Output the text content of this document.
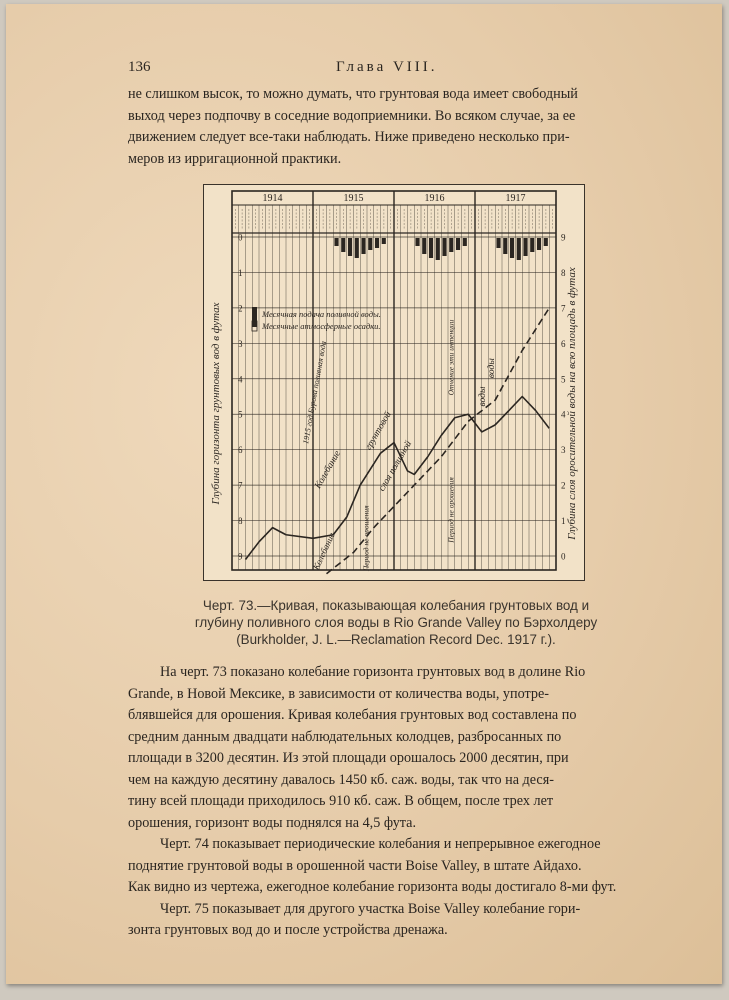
136	Глава VIII.
не слишком высок, то можно думать, что грунтовая вода имеет свободный
выход через подпочву в соседние водоприемники. Во всяком случае, за ее
движением следует все-таки наблюдать. Ниже приведено несколько при-
меров из ирригационной практики.
1914	1915	1916	1917
0	9
1	8
2	7
3	6
4	5
5	4
6	3
7	2
8	1
9	0
Глубина горизонта грунтовых вод в футах	Глубина слоя оросительной воды на всю площадь в футах
Месячная подача поливной воды.
Месячные атмосферные осадки.
1915 год Бурова поливная вода
Колебание
грунтовой
слоя поливной
Период не орошения	Период не орошения
Отчение эти интенции
воды
Колебание
воды
Черт. 73.—Кривая, показывающая колебания грунтовых вод и
глубину поливного слоя воды в Rio Grande Valley по Бэрхолдеру
(Burkholder, J. L.—Reclamation Record Dec. 1917 г.).
На черт. 73 показано колебание горизонта грунтовых вод в долине Rio
Grande, в Новой Мексике, в зависимости от количества воды, употре-
блявшейся для орошения. Кривая колебания грунтовых вод составлена по
средним данным двадцати наблюдательных колодцев, разбросанных по
площади в 3200 десятин. Из этой площади орошалось 2000 десятин, при
чем на каждую десятину давалось 1450 кб. саж. воды, так что на деся-
тину всей площади приходилось 910 кб. саж. В общем, после трех лет
орошения, горизонт воды поднялся на 4,5 фута.
Черт. 74 показывает периодические колебания и непрерывное ежегодное
поднятие грунтовой воды в орошенной части Boise Valley, в штате Айдахо.
Как видно из чертежа, ежегодное колебание горизонта воды достигало 8-ми фут.
Черт. 75 показывает для другого участка Boise Valley колебание гори-
зонта грунтовых вод до и после устройства дренажа.
